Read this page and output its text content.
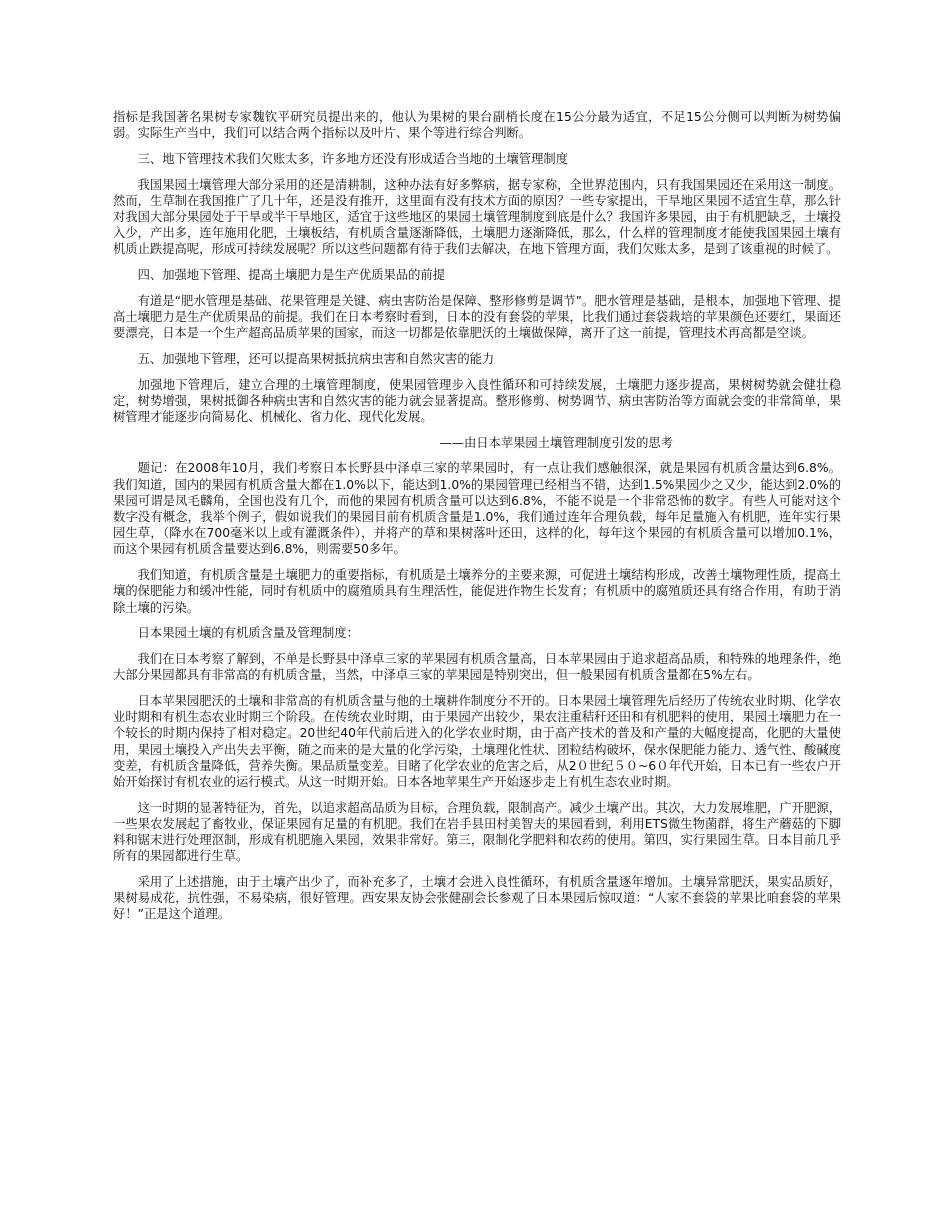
指标是我国著名果树专家魏钦平研究员提出来的，他认为果树的果台副梢长度在15公分最为适宜，不足15公分侧可以判断为树势偏弱。实际生产当中，我们可以结合两个指标以及叶片、果个等进行综合判断。

三、地下管理技术我们欠账太多，许多地方还没有形成适合当地的土壤管理制度

我国果园土壤管理大部分采用的还是清耕制，这种办法有好多弊病，据专家称，全世界范围内，只有我国果园还在采用这一制度。然而，生草制在我国推广了几十年，还是没有推开，这里面有没有技术方面的原因？一些专家提出，干旱地区果园不适宜生草，那么针对我国大部分果园处于干旱或半干旱地区，适宜于这些地区的果园土壤管理制度到底是什么？我国许多果园，由于有机肥缺乏，土壤投入少，产出多，连年施用化肥，土壤板结，有机质含量逐渐降低，土壤肥力逐渐降低，那么，什么样的管理制度才能使我国果园土壤有机质止跌提高呢，形成可持续发展呢？所以这些问题都有待于我们去解决，在地下管理方面，我们欠账太多，是到了该重视的时候了。

四、加强地下管理、提高土壤肥力是生产优质果品的前提

有道是“肥水管理是基础、花果管理是关键、病虫害防治是保障、整形修剪是调节”。肥水管理是基础，是根本，加强地下管理、提高土壤肥力是生产优质果品的前提。我们在日本考察时看到，日本的没有套袋的苹果，比我们通过套袋栽培的苹果颜色还要红，果面还要漂亮，日本是一个生产超高品质苹果的国家，而这一切都是依靠肥沃的土壤做保障，离开了这一前提，管理技术再高都是空谈。

五、加强地下管理，还可以提高果树抵抗病虫害和自然灾害的能力

加强地下管理后，建立合理的土壤管理制度，使果园管理步入良性循环和可持续发展，土壤肥力逐步提高，果树树势就会健壮稳定，树势增强，果树抵御各种病虫害和自然灾害的能力就会显著提高。整形修剪、树势调节、病虫害防治等方面就会变的非常简单，果树管理才能逐步向简易化、机械化、省力化、现代化发展。

——由日本苹果园土壤管理制度引发的思考

题记：在2008年10月，我们考察日本长野县中泽卓三家的苹果园时，有一点让我们感触很深，就是果园有机质含量达到6.8%。我们知道，国内的果园有机质含量大都在1.0%以下，能达到1.0%的果园管理已经相当不错，达到1.5%果园少之又少，能达到2.0%的果园可谓是凤毛麟角，全国也没有几个，而他的果园有机质含量可以达到6.8%，不能不说是一个非常恐怖的数字。有些人可能对这个数字没有概念，我举个例子，假如说我们的果园目前有机质含量是1.0%，我们通过连年合理负载，每年足量施入有机肥，连年实行果园生草，（降水在700毫米以上或有灌溉条件），并将产的草和果树落叶还田，这样的化，每年这个果园的有机质含量可以增加0.1%，而这个果园有机质含量要达到6.8%，则需要50多年。

我们知道，有机质含量是土壤肥力的重要指标，有机质是土壤养分的主要来源，可促进土壤结构形成，改善土壤物理性质，提高土壤的保肥能力和缓冲性能，同时有机质中的腐殖质具有生理活性，能促进作物生长发育；有机质中的腐殖质还具有络合作用，有助于消除土壤的污染。

日本果园土壤的有机质含量及管理制度：

我们在日本考察了解到，不单是长野县中泽卓三家的苹果园有机质含量高，日本苹果园由于追求超高品质，和特殊的地理条件，绝大部分果园都具有非常高的有机质含量，当然，中泽卓三家的苹果园是特别突出，但一般果园有机质含量都在5%左右。

日本苹果园肥沃的土壤和非常高的有机质含量与他的土壤耕作制度分不开的。日本果园土壤管理先后经历了传统农业时期、化学农业时期和有机生态农业时期三个阶段。在传统农业时期，由于果园产出较少，果农注重秸秆还田和有机肥料的使用，果园土壤肥力在一个较长的时期内保持了相对稳定。20世纪40年代前后进入的化学农业时期，由于高产技术的普及和产量的大幅度提高，化肥的大量使用，果园土壤投入产出失去平衡，随之而来的是大量的化学污染，土壤理化性状、团粒结构破坏，保水保肥能力能力、透气性、酸碱度变差，有机质含量降低，营养失衡。果品质量变差。目睹了化学农业的危害之后，从2０世纪５０~6０年代开始，日本已有一些农户开始开始探讨有机农业的运行模式。从这一时期开始。日本各地苹果生产开始逐步走上有机生态农业时期。

这一时期的显著特征为，首先，以追求超高品质为目标，合理负载，限制高产。减少土壤产出。其次，大力发展堆肥，广开肥源，一些果农发展起了畜牧业，保证果园有足量的有机肥。我们在岩手县田村美智夫的果园看到，利用ETS微生物菌群，将生产蘑菇的下脚料和锯末进行处理沤制，形成有机肥施入果园，效果非常好。第三，限制化学肥料和农药的使用。第四，实行果园生草。日本目前几乎所有的果园都进行生草。

采用了上述措施，由于土壤产出少了，而补充多了，土壤才会进入良性循环，有机质含量逐年增加。土壤异常肥沃，果实品质好，果树易成花，抗性强，不易染病，很好管理。西安果友协会张健副会长参观了日本果园后惊叹道：“人家不套袋的苹果比咱套袋的苹果好！”正是这个道理。
